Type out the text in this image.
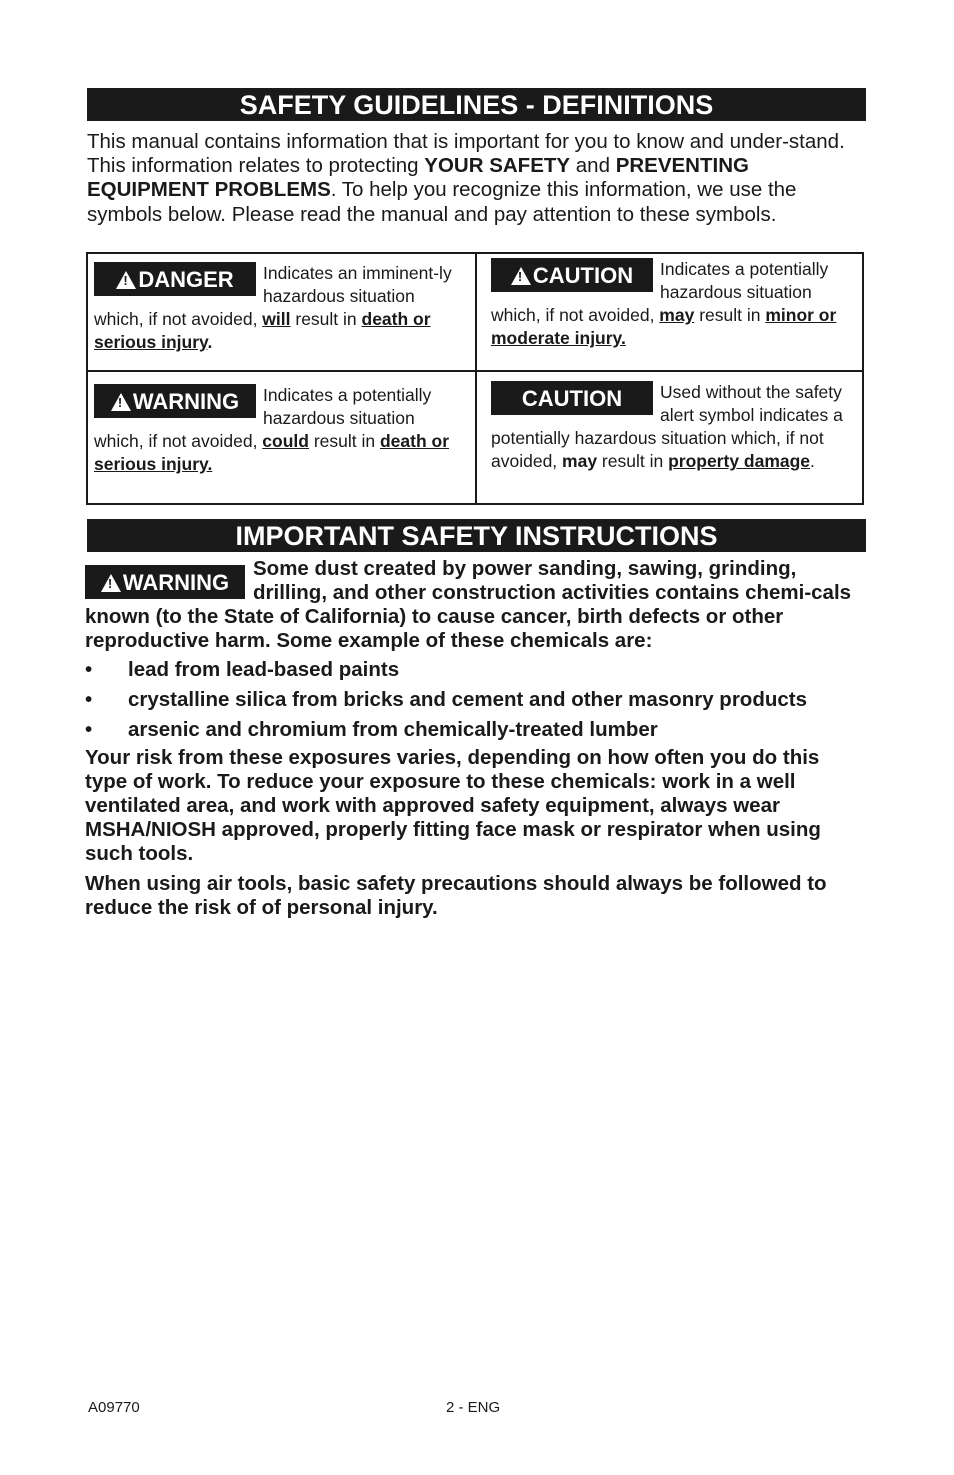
SAFETY GUIDELINES - DEFINITIONS
This manual contains information that is important for you to know and under-stand. This information relates to protecting YOUR SAFETY and PREVENTING EQUIPMENT PROBLEMS. To help you recognize this information, we use the symbols below. Please read the manual and pay attention to these symbols.
!DANGER	Indicates an imminent-ly hazardous situation which, if not avoided, will result in death or serious injury.
!CAUTION	Indicates a potentially hazardous situation which, if not avoided, may result in minor or moderate injury.
!WARNING	Indicates a potentially hazardous situation which, if not avoided, could result in death or serious injury.
CAUTION	Used without the safety alert symbol indicates a potentially hazardous situation which, if not avoided, may result in property damage.
IMPORTANT SAFETY INSTRUCTIONS
!WARNING
Some dust created by power sanding, sawing, grinding, drilling, and other construction activities contains chemi-cals known (to the State of California) to cause cancer, birth defects or other reproductive harm. Some example of these chemicals are:
• lead from lead-based paints
• crystalline silica from bricks and cement and other masonry products
• arsenic and chromium from chemically-treated lumber
Your risk from these exposures varies, depending on how often you do this type of work. To reduce your exposure to these chemicals: work in a well ventilated area, and work with approved safety equipment, always wear MSHA/NIOSH approved, properly fitting face mask or respirator when using such tools.
When using air tools, basic safety precautions should always be followed to reduce the risk of of personal injury.
A09770	2 - ENG
